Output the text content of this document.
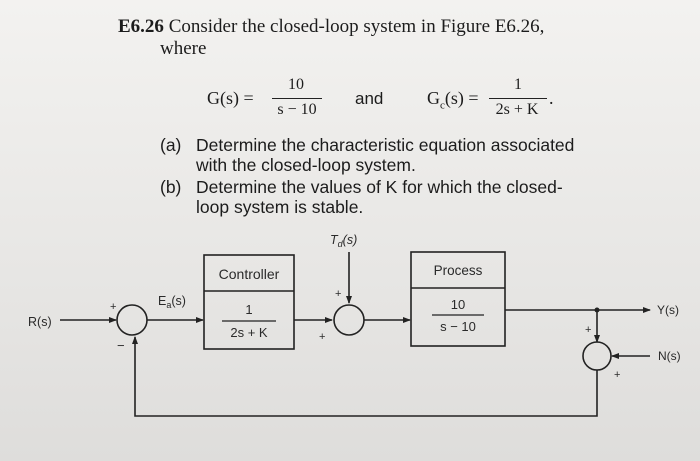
E6.26 Consider the closed-loop system in Figure E6.26,
where
G(s) =
10
s − 10
and $G_c(s)$ =
1
2s + K
.
(a) Determine the characteristic equation associated
with the closed-loop system.
(b) Determine the values of K for which the closed-
loop system is stable.
$T_d(s)$
R(s)
$E_a(s)$
Controller
1
2s + K
Process
10
s − 10
Y(s)
N(s)
+
−
+
+
+
+
